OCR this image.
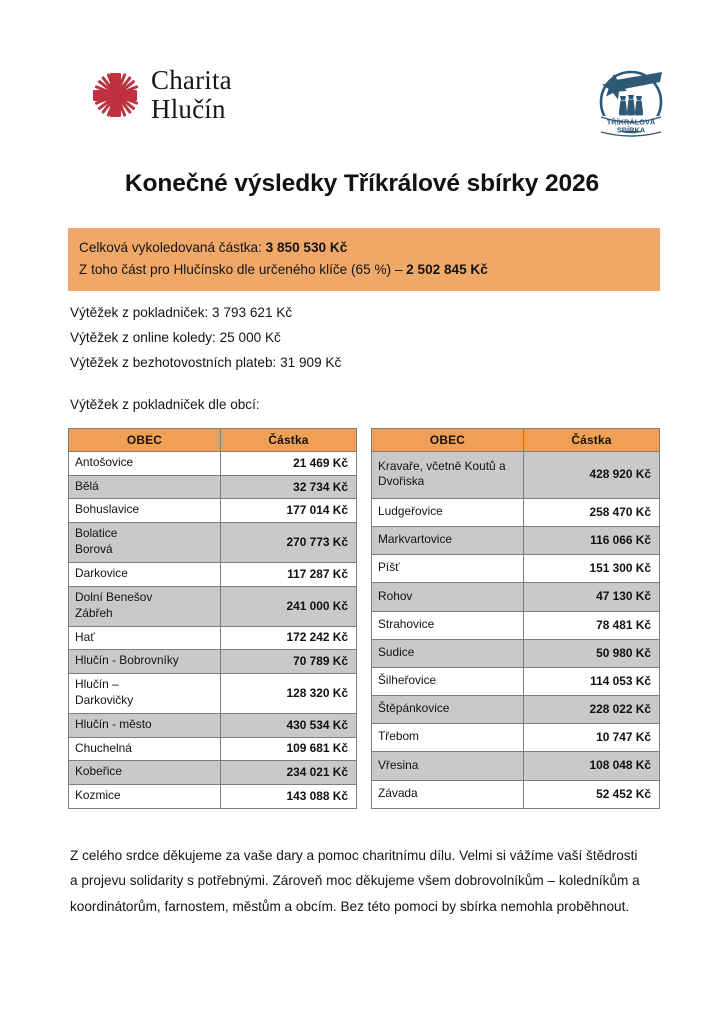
Charita
Hlučín	TŘÍKRÁLOVÁ
SBÍRKA
Konečné výsledky Tříkrálové sbírky 2026
Celková vykoledovaná částka: 3 850 530 Kč
Z toho část pro Hlučínsko dle určeného klíče (65 %) – 2 502 845 Kč
Výtěžek z pokladniček: 3 793 621 Kč
Výtěžek z online koledy: 25 000 Kč
Výtěžek z bezhotovostních plateb: 31 909 Kč
Výtěžek z pokladniček dle obcí:
OBEC	Částka
Antošovice	21 469 Kč
Bělá	32 734 Kč
Bohuslavice	177 014 Kč

Bolatice
Borová	270 773 Kč
Darkovice	117 287 Kč

Dolní Benešov
Zábřeh	241 000 Kč
Hať	172 242 Kč
Hlučín - Bobrovníky	70 789 Kč

Hlučín –
Darkovičky	128 320 Kč
Hlučín - město	430 534 Kč
Chuchelná	109 681 Kč
Kobeřice	234 021 Kč
Kozmice	143 088 Kč
OBEC	Částka
Kravaře, včetně Koutů a Dvořiska	428 920 Kč
Ludgeřovice	258 470 Kč
Markvartovice	116 066 Kč
Píšť	151 300 Kč
Rohov	47 130 Kč
Strahovice	78 481 Kč
Sudice	50 980 Kč
Šilheřovice	114 053 Kč
Štěpánkovice	228 022 Kč
Třebom	10 747 Kč
Vřesina	108 048 Kč
Závada	52 452 Kč

Z celého srdce děkujeme za vaše dary a pomoc charitnímu dílu. Velmi si vážíme vaší štědrosti a projevu solidarity s potřebnými. Zároveň moc děkujeme všem dobrovolníkům – koledníkům a koordinátorům, farnostem, městům a obcím. Bez této pomoci by sbírka nemohla proběhnout.
